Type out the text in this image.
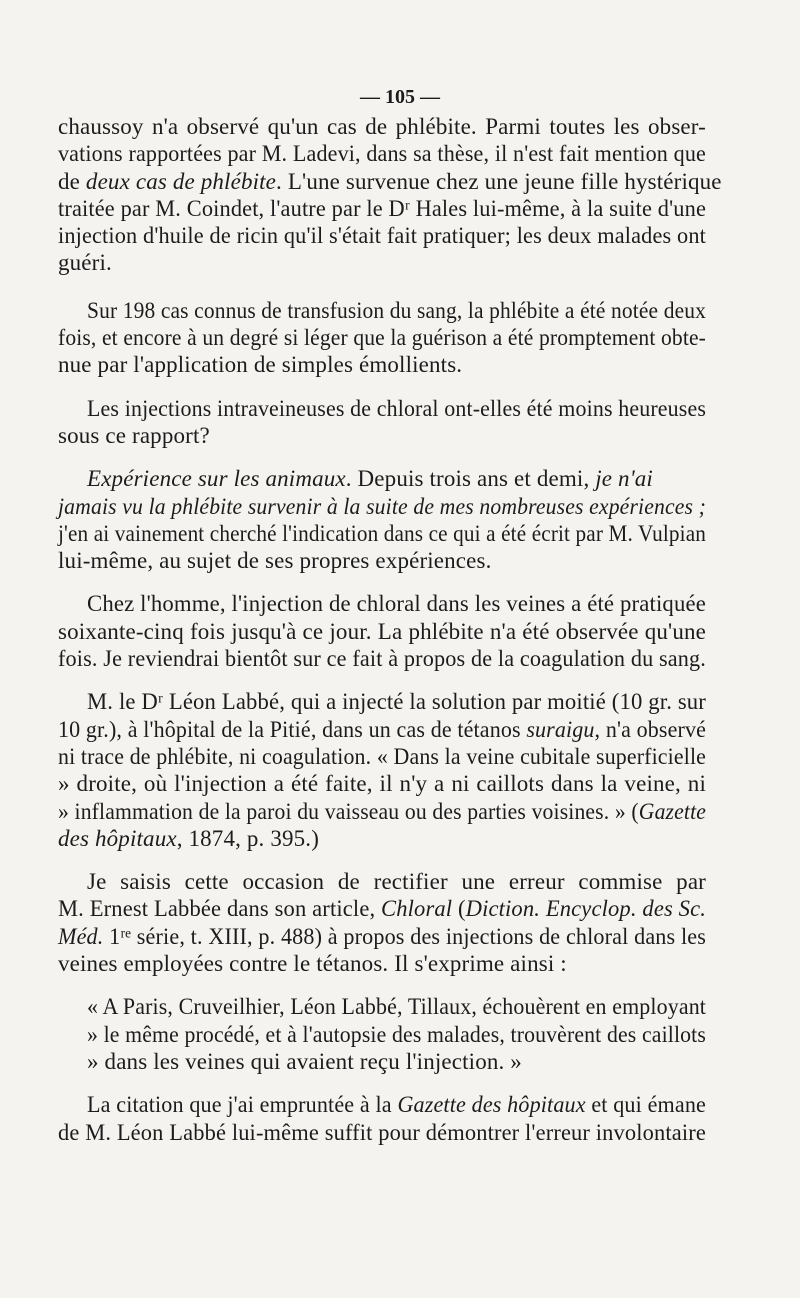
— 105 —
chaussoy n'a observé qu'un cas de phlébite. Parmi toutes les obser-
vations rapportées par M. Ladevi, dans sa thèse, il n'est fait mention que
de deux cas de phlébite. L'une survenue chez une jeune fille hystérique
traitée par M. Coindet, l'autre par le Dʳ Hales lui-même, à la suite d'une
injection d'huile de ricin qu'il s'était fait pratiquer; les deux malades ont
guéri.
Sur 198 cas connus de transfusion du sang, la phlébite a été notée deux
fois, et encore à un degré si léger que la guérison a été promptement obte-
nue par l'application de simples émollients.
Les injections intraveineuses de chloral ont-elles été moins heureuses
sous ce rapport?
Expérience sur les animaux. Depuis trois ans et demi, je n'ai
jamais vu la phlébite survenir à la suite de mes nombreuses expériences ;
j'en ai vainement cherché l'indication dans ce qui a été écrit par M. Vulpian
lui-même, au sujet de ses propres expériences.
Chez l'homme, l'injection de chloral dans les veines a été pratiquée
soixante-cinq fois jusqu'à ce jour. La phlébite n'a été observée qu'une
fois. Je reviendrai bientôt sur ce fait à propos de la coagulation du sang.
M. le Dʳ Léon Labbé, qui a injecté la solution par moitié (10 gr. sur
10 gr.), à l'hôpital de la Pitié, dans un cas de tétanos suraigu, n'a observé
ni trace de phlébite, ni coagulation. « Dans la veine cubitale superficielle
» droite, où l'injection a été faite, il n'y a ni caillots dans la veine, ni
» inflammation de la paroi du vaisseau ou des parties voisines. » (Gazette
des hôpitaux, 1874, p. 395.)
Je saisis cette occasion de rectifier une erreur commise par
M. Ernest Labbée dans son article, Chloral (Diction. Encyclop. des Sc.
Méd. 1ʳᵉ série, t. XIII, p. 488) à propos des injections de chloral dans les
veines employées contre le tétanos. Il s'exprime ainsi :
« A Paris, Cruveilhier, Léon Labbé, Tillaux, échouèrent en employant
» le même procédé, et à l'autopsie des malades, trouvèrent des caillots
» dans les veines qui avaient reçu l'injection. »
La citation que j'ai empruntée à la Gazette des hôpitaux et qui émane
de M. Léon Labbé lui-même suffit pour démontrer l'erreur involontaire
